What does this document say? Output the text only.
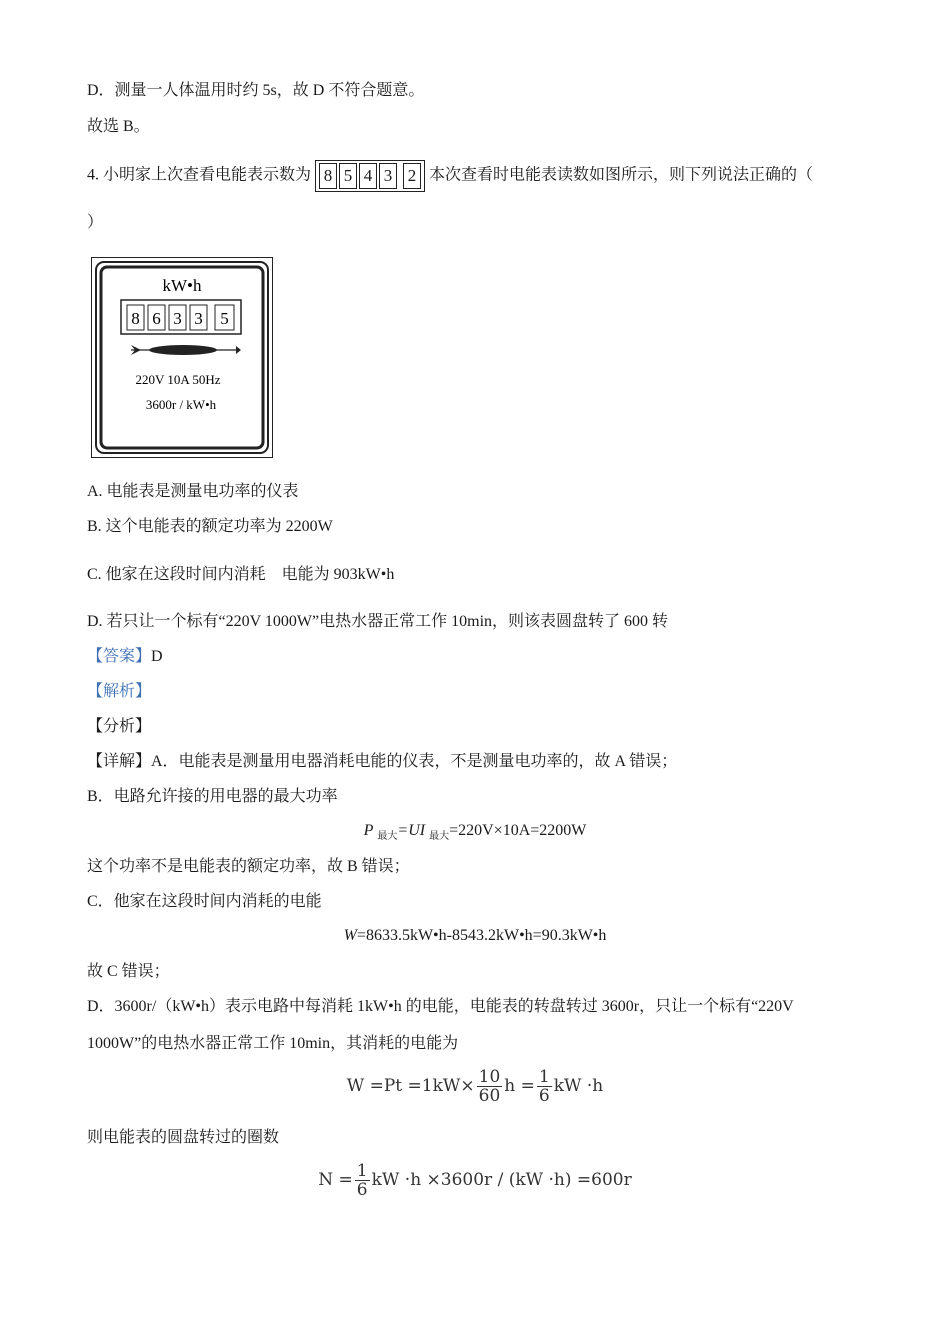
D．测量一人体温用时约 5s，故 D 不符合题意。
故选 B。
4. 小明家上次查看电能表示数为 8 5 4 3 2 本次查看时电能表读数如图所示，则下列说法正确的（
）
kW•h
8 6 3 3 5
220V 10A 50Hz
3600r / kW•h
A. 电能表是测量电功率的仪表
B. 这个电能表的额定功率为 2200W
C. 他家在这段时间内消耗    电能为 903kW•h
D. 若只让一个标有“220V 1000W”电热水器正常工作 10min，则该表圆盘转了 600 转
【答案】D
【解析】
【分析】
【详解】A．电能表是测量用电器消耗电能的仪表，不是测量电功率的，故 A 错误；
B．电路允许接的用电器的最大功率
P $_{最大}$=UI $_{最大}$=220V×10A=2200W
这个功率不是电能表的额定功率，故 B 错误；
C．他家在这段时间内消耗的电能
W=8633.5kW•h-8543.2kW•h=90.3kW•h
故 C 错误；
D．3600r/（kW•h）表示电路中每消耗 1kW•h 的电能，电能表的转盘转过 3600r，只让一个标有“220V
1000W”的电热水器正常工作 10min，其消耗的电能为
$W =Pt =1kW\times \frac{10}{60}$ $h = \frac{1}{6}$ kW ·h
则电能表的圆盘转过的圈数
$N = \frac{1}{6}$ kW ·h ×3600r / (kW ·h) =600r
